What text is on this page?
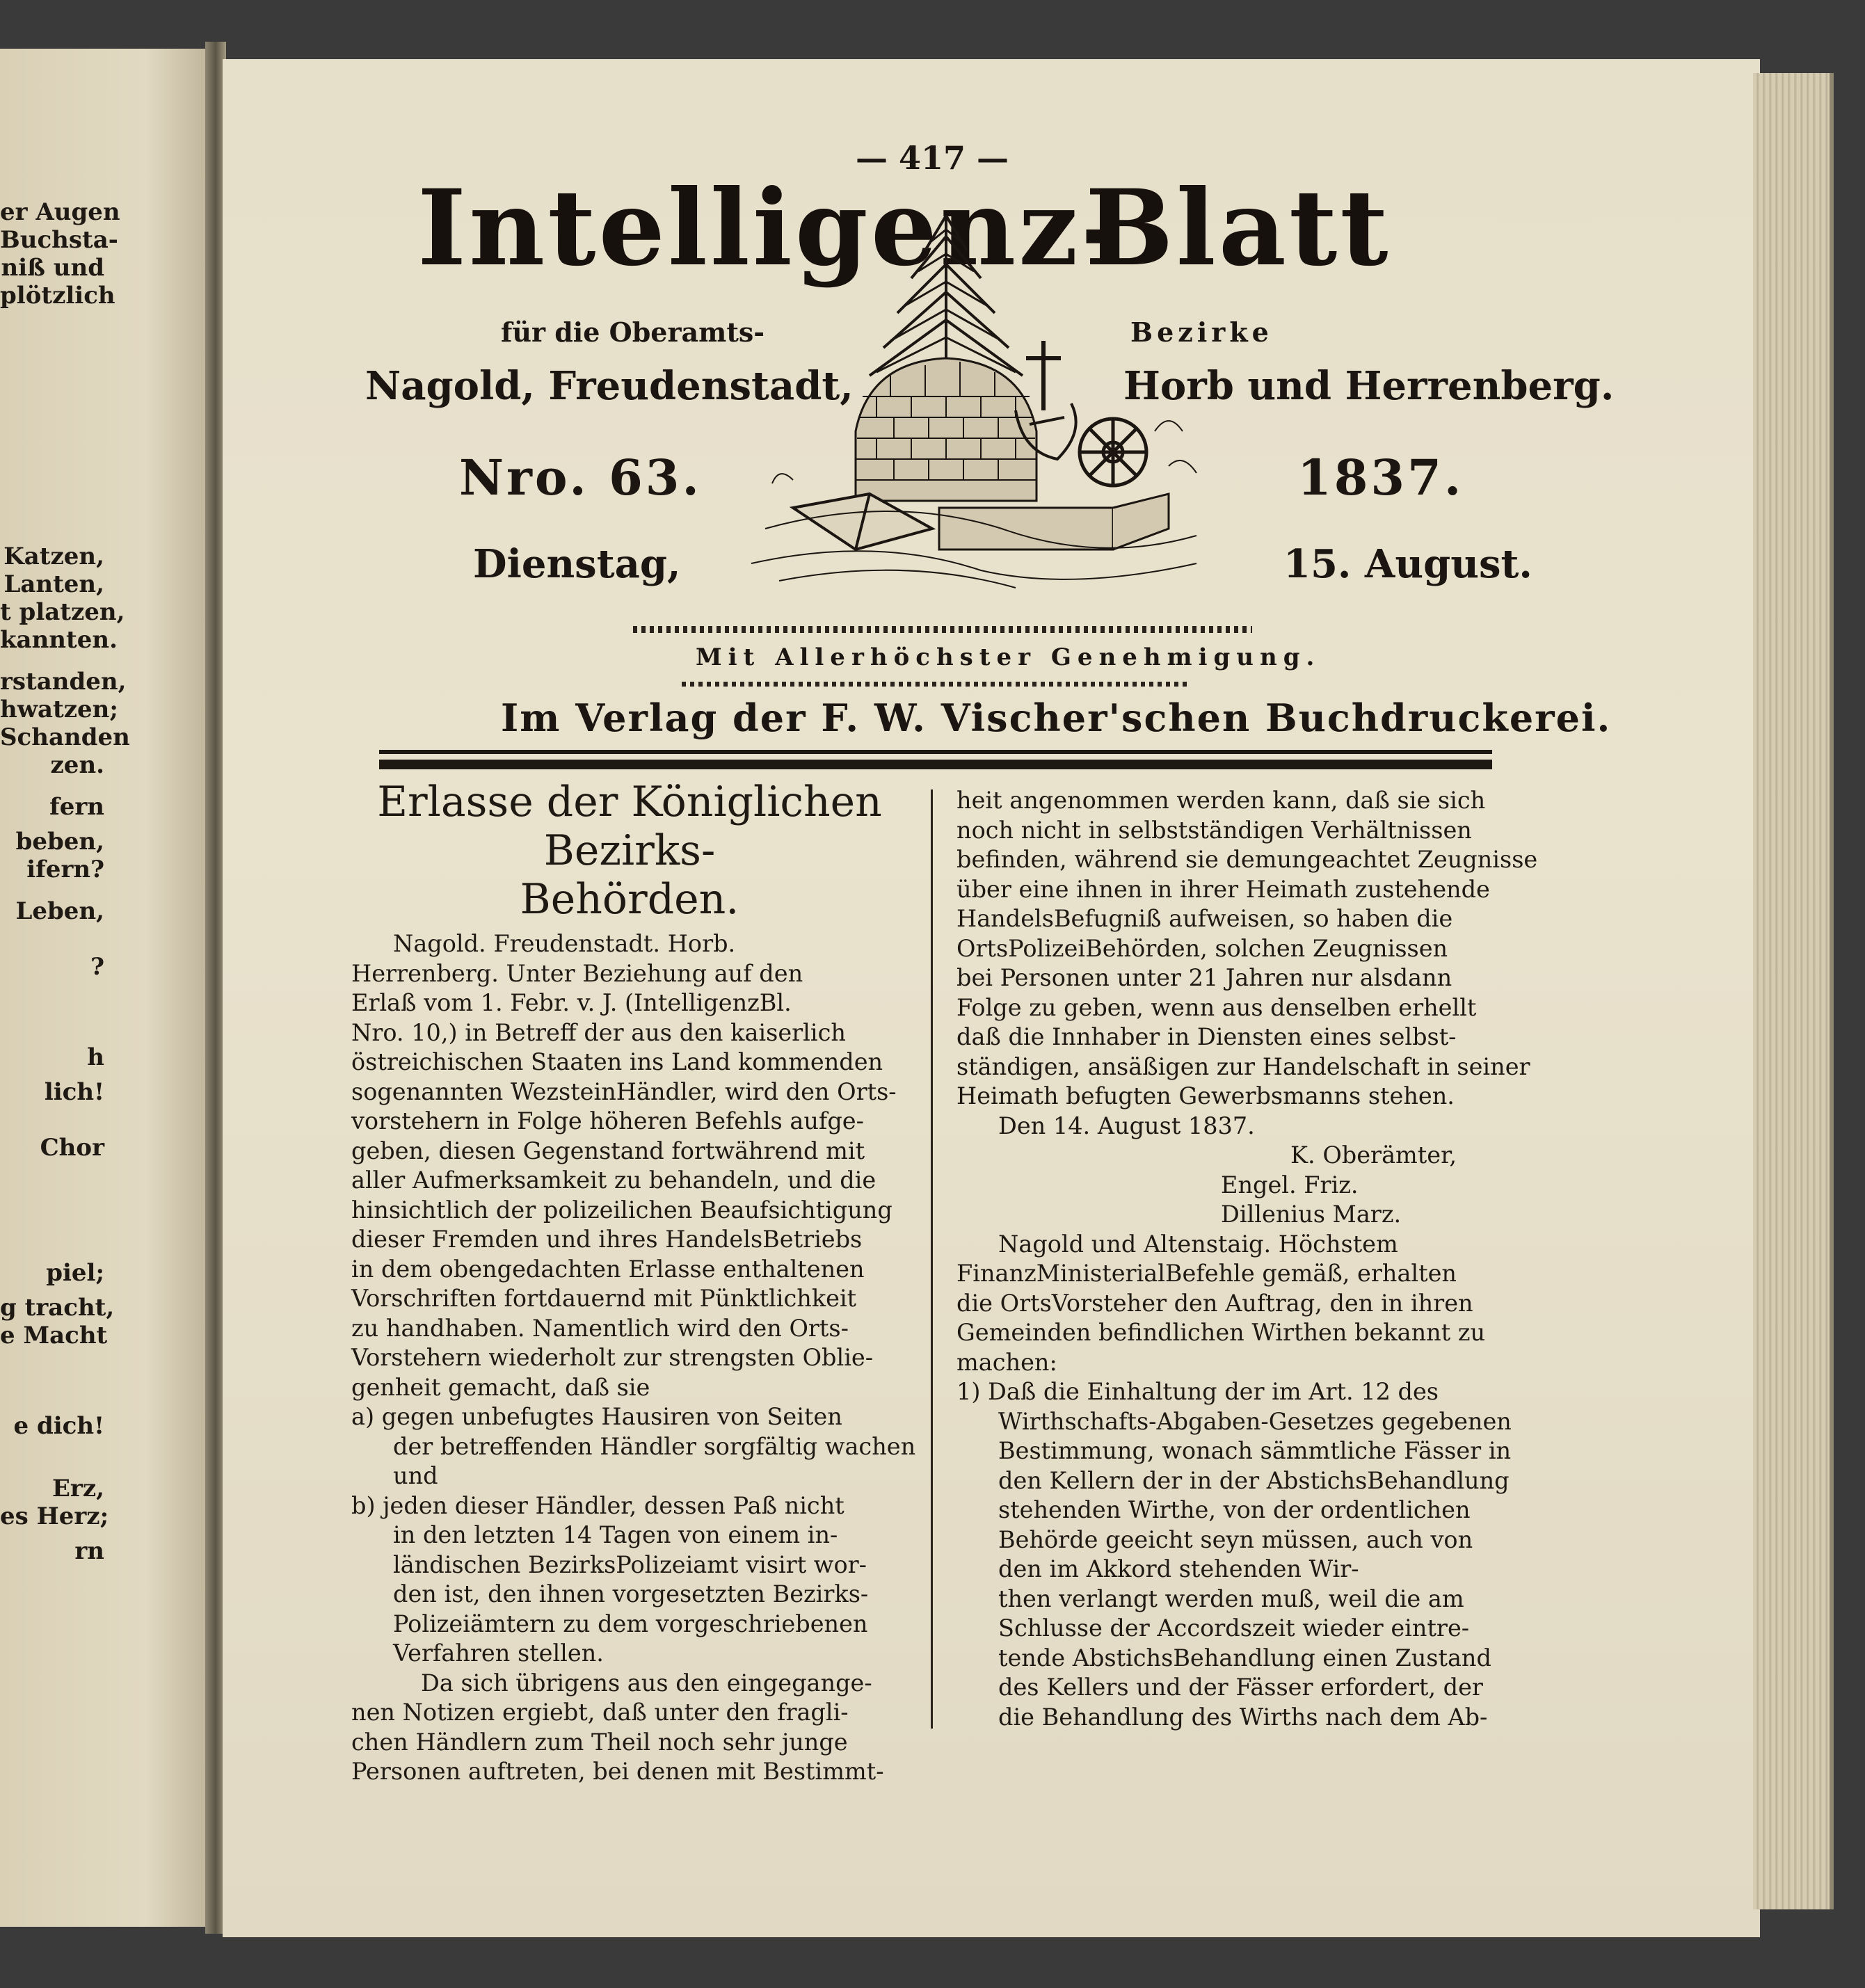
er Augen
Buchsta-
niß und
plötzlich
Katzen,
Lanten,
t platzen,
kannten.
rstanden,
hwatzen;
Schanden
zen.
fern
beben,
ifern?
Leben,
?
h
lich!
Chor
piel;
g tracht,
e Macht
e dich!
Erz,
es Herz;
rn
— 417 —
Intelligenz-
Blatt
für die Oberamts-	Bezirke
Nagold, Freudenstadt,	Horb und Herrenberg.
Nro. 63.	1837.
Dienstag,	15. August.
Mit Allerhöchster Genehmigung.
Im Verlag der F. W. Vischer'schen Buchdruckerei.
Erlasse der Königlichen Bezirks-
Behörden.

Nagold. Freudenstadt. Horb.

Herrenberg. Unter Beziehung auf den

Erlaß vom 1. Febr. v. J. (IntelligenzBl.

Nro. 10,) in Betreff der aus den kaiserlich

östreichischen Staaten ins Land kommenden

sogenannten WezsteinHändler, wird den Orts-

vorstehern in Folge höheren Befehls aufge-

geben, diesen Gegenstand fortwährend mit

aller Aufmerksamkeit zu behandeln, und die

hinsichtlich der polizeilichen Beaufsichtigung

dieser Fremden und ihres HandelsBetriebs

in dem obengedachten Erlasse enthaltenen

Vorschriften fortdauernd mit Pünktlichkeit

zu handhaben. Namentlich wird den Orts-

Vorstehern wiederholt zur strengsten Oblie-

genheit gemacht, daß sie

a) gegen unbefugtes Hausiren von Seiten

der betreffenden Händler sorgfältig wachen

und

b) jeden dieser Händler, dessen Paß nicht

in den letzten 14 Tagen von einem in-

ländischen BezirksPolizeiamt visirt wor-

den ist, den ihnen vorgesetzten Bezirks-

Polizeiämtern zu dem vorgeschriebenen

Verfahren stellen.

Da sich übrigens aus den eingegange-

nen Notizen ergiebt, daß unter den fragli-

chen Händlern zum Theil noch sehr junge

Personen auftreten, bei denen mit Bestimmt-

heit angenommen werden kann, daß sie sich

noch nicht in selbstständigen Verhältnissen

befinden, während sie demungeachtet Zeugnisse

über eine ihnen in ihrer Heimath zustehende

HandelsBefugniß aufweisen, so haben die

OrtsPolizeiBehörden, solchen Zeugnissen

bei Personen unter 21 Jahren nur alsdann

Folge zu geben, wenn aus denselben erhellt

daß die Innhaber in Diensten eines selbst-

ständigen, ansäßigen zur Handelschaft in seiner

Heimath befugten Gewerbsmanns stehen.

Den 14. August 1837.

K. Oberämter,

Engel. Friz.

Dillenius Marz.

Nagold und Altenstaig. Höchstem

FinanzMinisterialBefehle gemäß, erhalten

die OrtsVorsteher den Auftrag, den in ihren

Gemeinden befindlichen Wirthen bekannt zu

machen:

1) Daß die Einhaltung der im Art. 12 des

Wirthschafts-Abgaben-Gesetzes gegebenen

Bestimmung, wonach sämmtliche Fässer in

den Kellern der in der AbstichsBehandlung

stehenden Wirthe, von der ordentlichen

Behörde geeicht seyn müssen, auch von

den im Akkord stehenden Wir-

then verlangt werden muß, weil die am

Schlusse der Accordszeit wieder eintre-

tende AbstichsBehandlung einen Zustand

des Kellers und der Fässer erfordert, der

die Behandlung des Wirths nach dem Ab-
